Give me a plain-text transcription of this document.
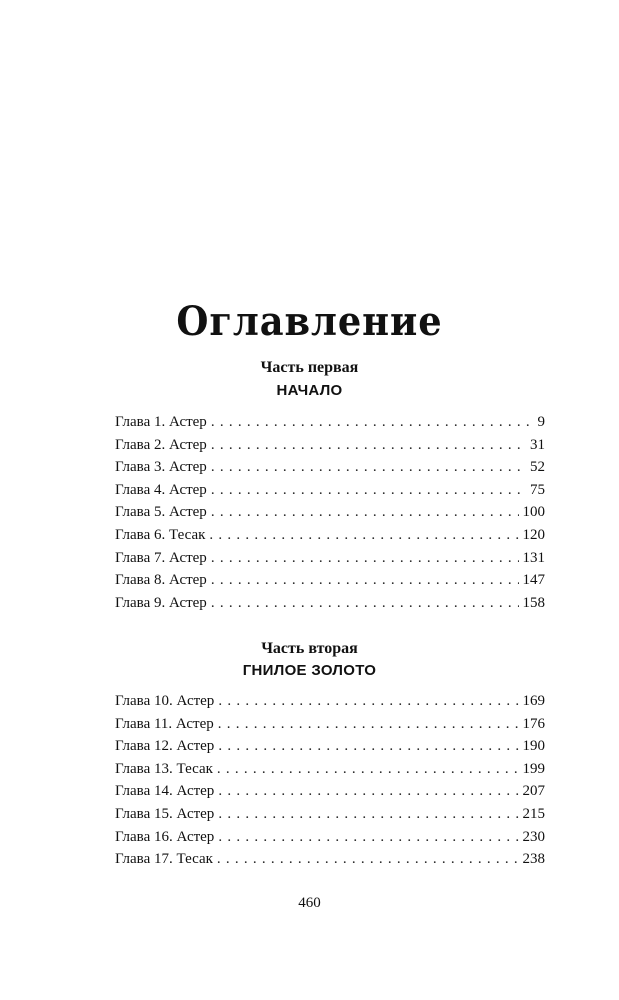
Оглавление
Часть первая
НАЧАЛО
Глава 1. Астер . . .	9
Глава 2. Астер . . .	31
Глава 3. Астер . . .	52
Глава 4. Астер . . .	75
Глава 5. Астер . . .	100
Глава 6. Тесак . . .	120
Глава 7. Астер . . .	131
Глава 8. Астер . . .	147
Глава 9. Астер . . .	158
Часть вторая
ГНИЛОЕ ЗОЛОТО
Глава 10. Астер . . .	169
Глава 11. Астер . . .	176
Глава 12. Астер . . .	190
Глава 13. Тесак . . .	199
Глава 14. Астер . . .	207
Глава 15. Астер . . .	215
Глава 16. Астер . . .	230
Глава 17. Тесак . . .	238
460
